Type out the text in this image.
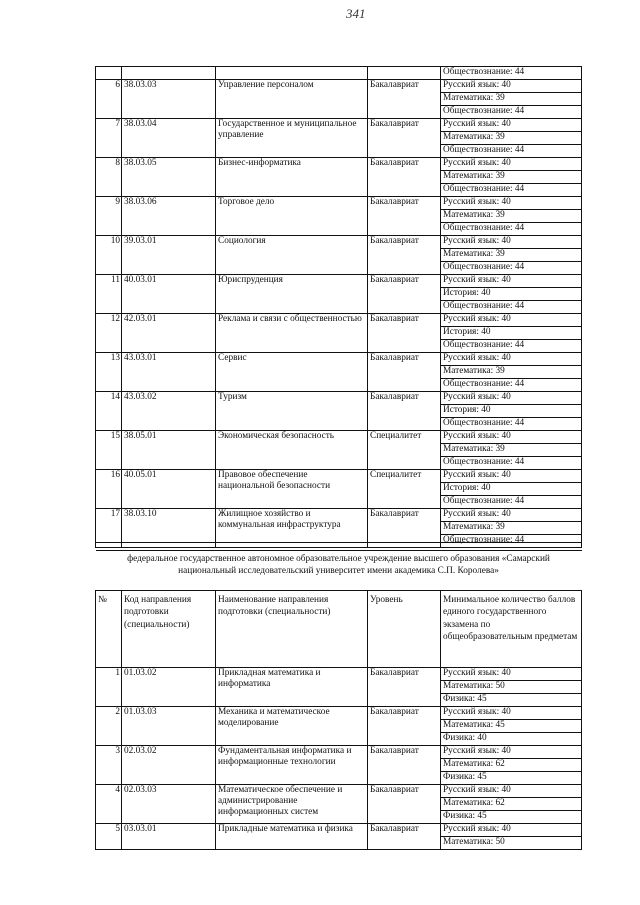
341
				Обществознание: 44
6	38.03.03	Управление персоналом	Бакалавриат	Русский язык: 40
				Математика: 39
				Обществознание: 44
7	38.03.04	Государственное и муниципальное управление	Бакалавриат	Русский язык: 40
				Математика: 39
				Обществознание: 44
8	38.03.05	Бизнес-информатика	Бакалавриат	Русский язык: 40
				Математика: 39
				Обществознание: 44
9	38.03.06	Торговое дело	Бакалавриат	Русский язык: 40
				Математика: 39
				Обществознание: 44
10	39.03.01	Социология	Бакалавриат	Русский язык: 40
				Математика: 39
				Обществознание: 44
11	40.03.01	Юриспруденция	Бакалавриат	Русский язык: 40
				История: 40
				Обществознание: 44
12	42.03.01	Реклама и связи с общественностью	Бакалавриат	Русский язык: 40
				История: 40
				Обществознание: 44
13	43.03.01	Сервис	Бакалавриат	Русский язык: 40
				Математика: 39
				Обществознание: 44
14	43.03.02	Туризм	Бакалавриат	Русский язык: 40
				История: 40
				Обществознание: 44
15	38.05.01	Экономическая безопасность	Специалитет	Русский язык: 40
				Математика: 39
				Обществознание: 44
16	40.05.01	Правовое обеспечение национальной безопасности	Специалитет	Русский язык: 40
				История: 40
				Обществознание: 44
17	38.03.10	Жилищное хозяйство и коммунальная инфраструктура	Бакалавриат	Русский язык: 40
				Математика: 39
				Обществознание: 44

федеральное государственное автономное образовательное учреждение высшего образования «Самарский национальный исследовательский университет имени академика С.П. Королева»				
№	Код направления подготовки (специальности)	Наименование направления подготовки (специальности)	Уровень	Минимальное количество баллов единого государственного экзамена по общеобразовательным предметам
1	01.03.02	Прикладная математика и информатика	Бакалавриат	Русский язык: 40
				Математика: 50
				Физика: 45
2	01.03.03	Механика и математическое моделирование	Бакалавриат	Русский язык: 40
				Математика: 45
				Физика: 40
3	02.03.02	Фундаментальная информатика и информационные технологии	Бакалавриат	Русский язык: 40
				Математика: 62
				Физика: 45
4	02.03.03	Математическое обеспечение и администрирование информационных систем	Бакалавриат	Русский язык: 40
				Математика: 62
				Физика: 45
5	03.03.01	Прикладные математика и физика	Бакалавриат	Русский язык: 40
				Математика: 50
